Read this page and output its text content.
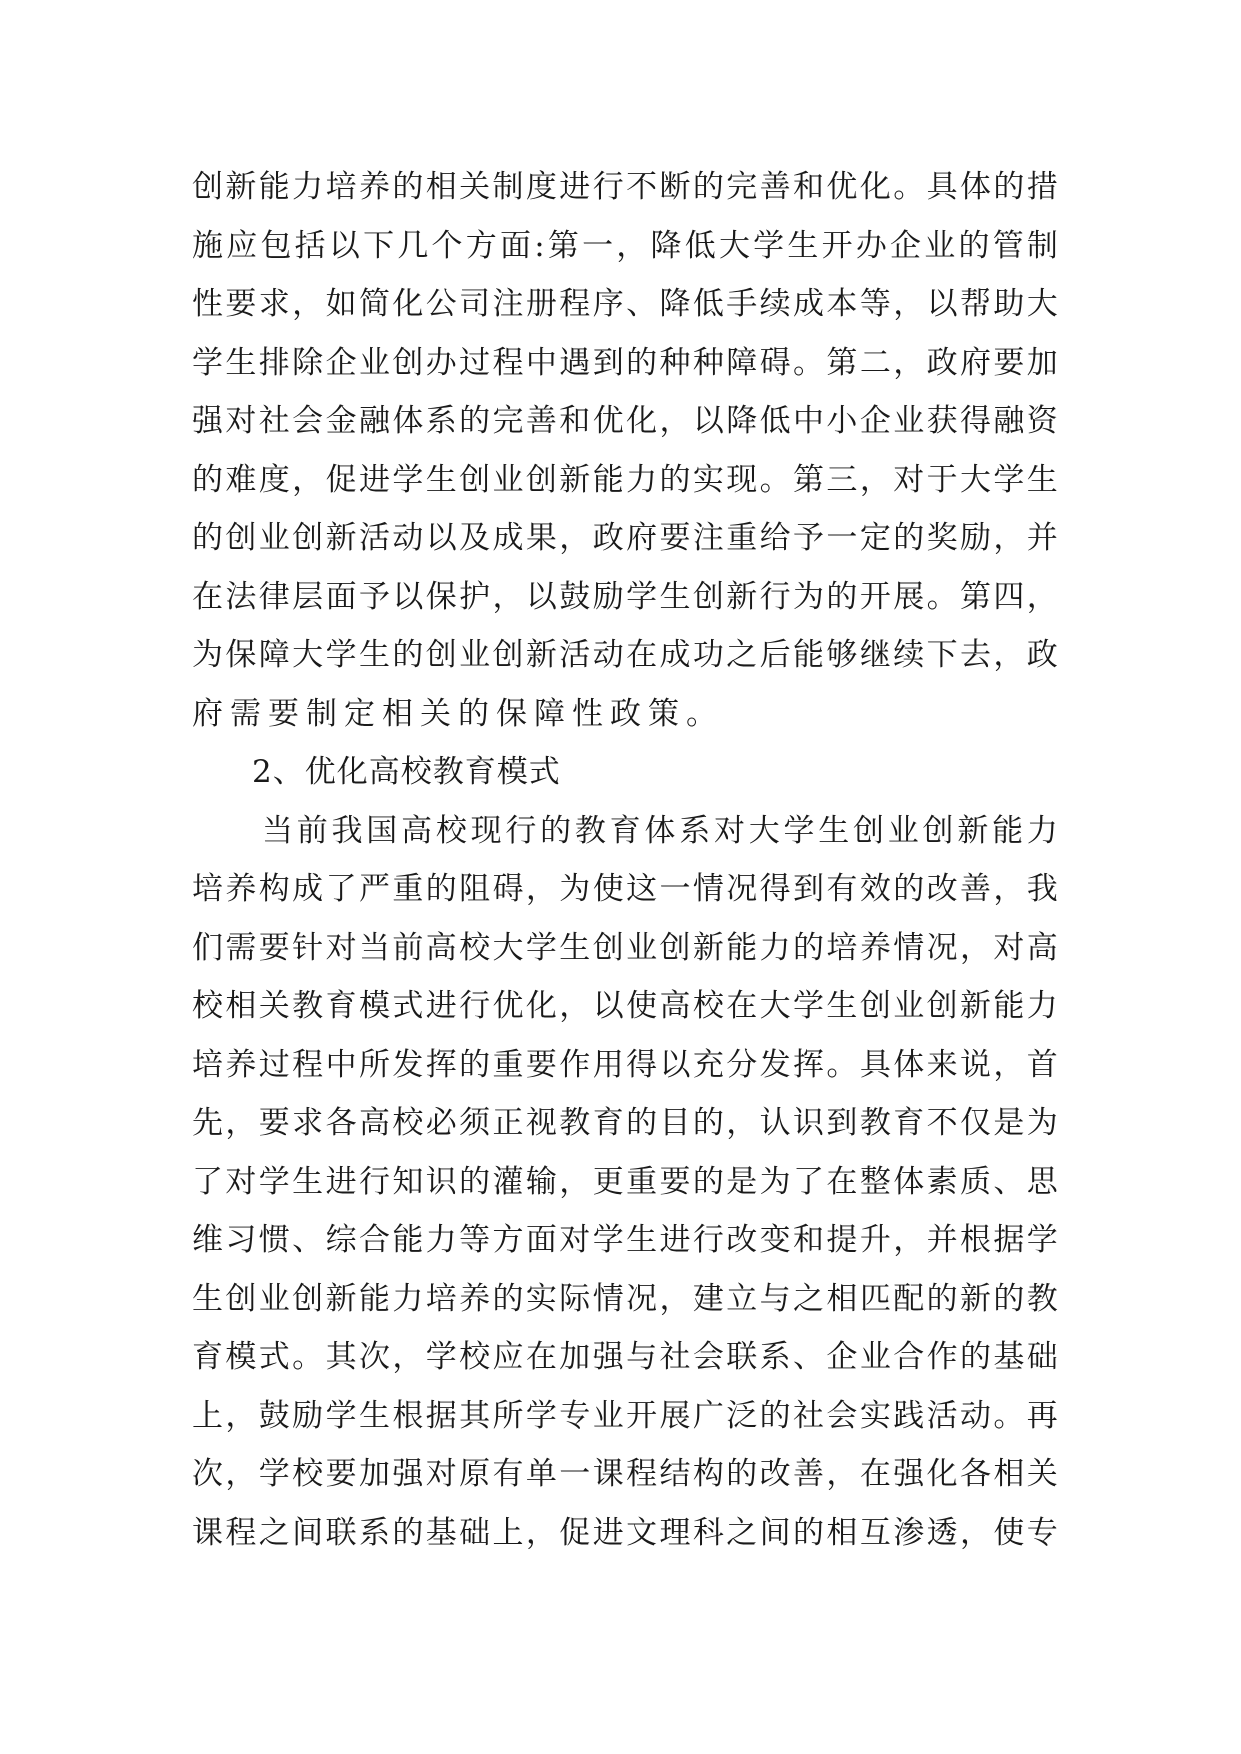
创 新 能 力 培 养 的 相 关 制 度 进 行 不 断 的 完 善 和 优 化 。 具 体 的 措
施 应 包 括 以 下 几 个 方 面 : 第 一 ， 降 低 大 学 生 开 办 企 业 的 管 制
性 要 求 ， 如 简 化 公 司 注 册 程 序 、 降 低 手 续 成 本 等 ， 以 帮 助 大
学 生 排 除 企 业 创 办 过 程 中 遇 到 的 种 种 障 碍 。 第 二 ， 政 府 要 加
强 对 社 会 金 融 体 系 的 完 善 和 优 化 ， 以 降 低 中 小 企 业 获 得 融 资
的 难 度 ， 促 进 学 生 创 业 创 新 能 力 的 实 现 。 第 三 ， 对 于 大 学 生
的 创 业 创 新 活 动 以 及 成 果 ， 政 府 要 注 重 给 予 一 定 的 奖 励 ， 并
在 法 律 层 面 予 以 保 护 ， 以 鼓 励 学 生 创 新 行 为 的 开 展 。 第 四 ，
为 保 障 大 学 生 的 创 业 创 新 活 动 在 成 功 之 后 能 够 继 续 下 去 ， 政
府需要制定相关的保障性政策。
2、优化高校教育模式
当 前 我 国 高 校 现 行 的 教 育 体 系 对 大 学 生 创 业 创 新 能 力
培 养 构 成 了 严 重 的 阻 碍 ， 为 使 这 一 情 况 得 到 有 效 的 改 善 ， 我
们 需 要 针 对 当 前 高 校 大 学 生 创 业 创 新 能 力 的 培 养 情 况 ， 对 高
校 相 关 教 育 模 式 进 行 优 化 ， 以 使 高 校 在 大 学 生 创 业 创 新 能 力
培 养 过 程 中 所 发 挥 的 重 要 作 用 得 以 充 分 发 挥 。 具 体 来 说 ， 首
先 ， 要 求 各 高 校 必 须 正 视 教 育 的 目 的 ， 认 识 到 教 育 不 仅 是 为
了 对 学 生 进 行 知 识 的 灌 输 ， 更 重 要 的 是 为 了 在 整 体 素 质 、 思
维 习 惯 、 综 合 能 力 等 方 面 对 学 生 进 行 改 变 和 提 升 ， 并 根 据 学
生 创 业 创 新 能 力 培 养 的 实 际 情 况 ， 建 立 与 之 相 匹 配 的 新 的 教
育 模 式 。 其 次 ， 学 校 应 在 加 强 与 社 会 联 系 、 企 业 合 作 的 基 础
上 ， 鼓 励 学 生 根 据 其 所 学 专 业 开 展 广 泛 的 社 会 实 践 活 动 。 再
次 ， 学 校 要 加 强 对 原 有 单 一 课 程 结 构 的 改 善 ， 在 强 化 各 相 关
课 程 之 间 联 系 的 基 础 上 ， 促 进 文 理 科 之 间 的 相 互 渗 透 ， 使 专
